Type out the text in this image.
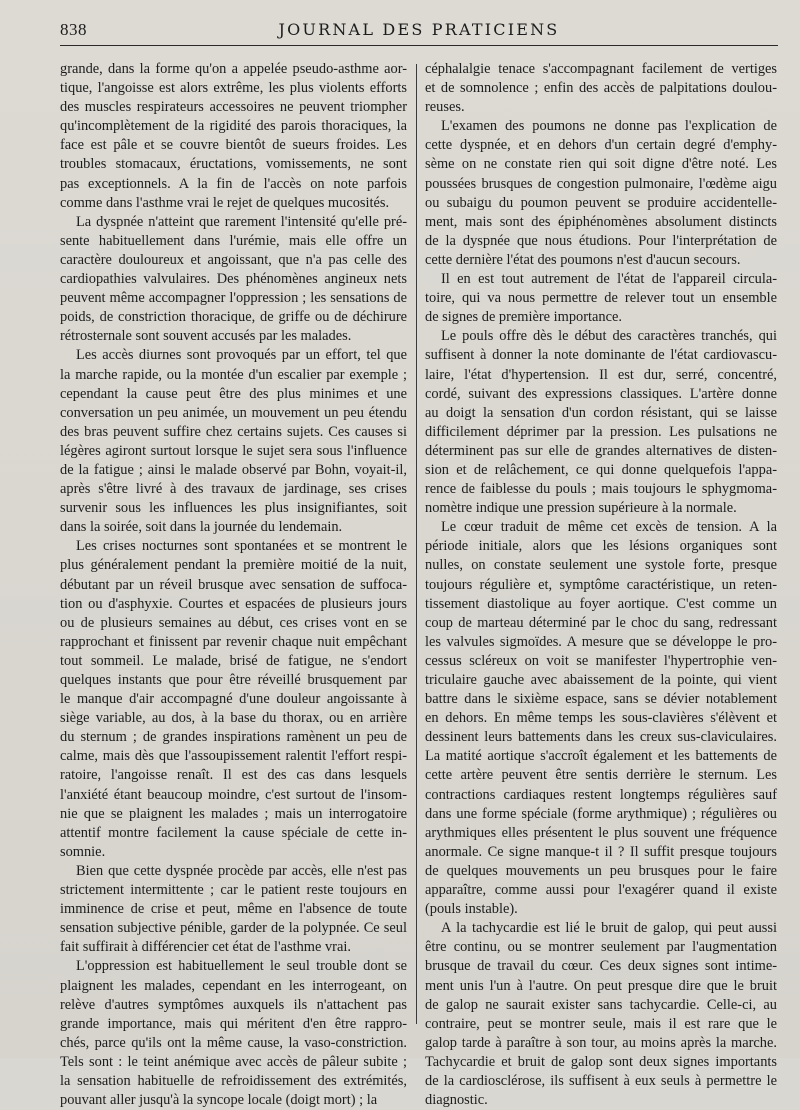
838	JOURNAL DES PRATICIENS

grande, dans la forme qu'on a appelée pseudo-asthme aor-
tique, l'angoisse est alors extrême, les plus violents efforts
des muscles respirateurs accessoires ne peuvent triompher
qu'incomplètement de la rigidité des parois thoraciques, la
face est pâle et se couvre bientôt de sueurs froides. Les
troubles stomacaux, éructations, vomissements, ne sont
pas exceptionnels. A la fin de l'accès on note parfois
comme dans l'asthme vrai le rejet de quelques mucosités.

La dyspnée n'atteint que rarement l'intensité qu'elle pré-
sente habituellement dans l'urémie, mais elle offre un
caractère douloureux et angoissant, que n'a pas celle des
cardiopathies valvulaires. Des phénomènes angineux nets
peuvent même accompagner l'oppression ; les sensations de
poids, de constriction thoracique, de griffe ou de déchirure
rétrosternale sont souvent accusés par les malades.

Les accès diurnes sont provoqués par un effort, tel que
la marche rapide, ou la montée d'un escalier par exemple ;
cependant la cause peut être des plus minimes et une
conversation un peu animée, un mouvement un peu étendu
des bras peuvent suffire chez certains sujets. Ces causes si
légères agiront surtout lorsque le sujet sera sous l'influence
de la fatigue ; ainsi le malade observé par Bohn, voyait-il,
après s'être livré à des travaux de jardinage, ses crises
survenir sous les influences les plus insignifiantes, soit
dans la soirée, soit dans la journée du lendemain.

Les crises nocturnes sont spontanées et se montrent le
plus généralement pendant la première moitié de la nuit,
débutant par un réveil brusque avec sensation de suffoca-
tion ou d'asphyxie. Courtes et espacées de plusieurs jours
ou de plusieurs semaines au début, ces crises vont en se
rapprochant et finissent par revenir chaque nuit empêchant
tout sommeil. Le malade, brisé de fatigue, ne s'endort
quelques instants que pour être réveillé brusquement par
le manque d'air accompagné d'une douleur angoissante à
siège variable, au dos, à la base du thorax, ou en arrière
du sternum ; de grandes inspirations ramènent un peu de
calme, mais dès que l'assoupissement ralentit l'effort respi-
ratoire, l'angoisse renaît. Il est des cas dans lesquels
l'anxiété étant beaucoup moindre, c'est surtout de l'insom-
nie que se plaignent les malades ; mais un interrogatoire
attentif montre facilement la cause spéciale de cette in-
somnie.

Bien que cette dyspnée procède par accès, elle n'est pas
strictement intermittente ; car le patient reste toujours en
imminence de crise et peut, même en l'absence de toute
sensation subjective pénible, garder de la polypnée. Ce seul
fait suffirait à différencier cet état de l'asthme vrai.

L'oppression est habituellement le seul trouble dont se
plaignent les malades, cependant en les interrogeant, on
relève d'autres symptômes auxquels ils n'attachent pas
grande importance, mais qui méritent d'en être rappro-
chés, parce qu'ils ont la même cause, la vaso-constriction.
Tels sont : le teint anémique avec accès de pâleur subite ;
la sensation habituelle de refroidissement des extrémités,
pouvant aller jusqu'à la syncope locale (doigt mort) ; la

céphalalgie tenace s'accompagnant facilement de vertiges
et de somnolence ; enfin des accès de palpitations doulou-
reuses.

L'examen des poumons ne donne pas l'explication de
cette dyspnée, et en dehors d'un certain degré d'emphy-
sème on ne constate rien qui soit digne d'être noté. Les
poussées brusques de congestion pulmonaire, l'œdème aigu
ou subaigu du poumon peuvent se produire accidentelle-
ment, mais sont des épiphénomènes absolument distincts
de la dyspnée que nous étudions. Pour l'interprétation de
cette dernière l'état des poumons n'est d'aucun secours.

Il en est tout autrement de l'état de l'appareil circula-
toire, qui va nous permettre de relever tout un ensemble
de signes de première importance.

Le pouls offre dès le début des caractères tranchés, qui
suffisent à donner la note dominante de l'état cardiovascu-
laire, l'état d'hypertension. Il est dur, serré, concentré,
cordé, suivant des expressions classiques. L'artère donne
au doigt la sensation d'un cordon résistant, qui se laisse
difficilement déprimer par la pression. Les pulsations ne
déterminent pas sur elle de grandes alternatives de disten-
sion et de relâchement, ce qui donne quelquefois l'appa-
rence de faiblesse du pouls ; mais toujours le sphygmoma-
nomètre indique une pression supérieure à la normale.

Le cœur traduit de même cet excès de tension. A la
période initiale, alors que les lésions organiques sont
nulles, on constate seulement une systole forte, presque
toujours régulière et, symptôme caractéristique, un reten-
tissement diastolique au foyer aortique. C'est comme un
coup de marteau déterminé par le choc du sang, redressant
les valvules sigmoïdes. A mesure que se développe le pro-
cessus scléreux on voit se manifester l'hypertrophie ven-
triculaire gauche avec abaissement de la pointe, qui vient
battre dans le sixième espace, sans se dévier notablement
en dehors. En même temps les sous-clavières s'élèvent et
dessinent leurs battements dans les creux sus-claviculaires.
La matité aortique s'accroît également et les battements de
cette artère peuvent être sentis derrière le sternum. Les
contractions cardiaques restent longtemps régulières sauf
dans une forme spéciale (forme arythmique) ; régulières ou
arythmiques elles présentent le plus souvent une fréquence
anormale. Ce signe manque-t il ? Il suffit presque toujours
de quelques mouvements un peu brusques pour le faire
apparaître, comme aussi pour l'exagérer quand il existe
(pouls instable).

A la tachycardie est lié le bruit de galop, qui peut aussi
être continu, ou se montrer seulement par l'augmentation
brusque de travail du cœur. Ces deux signes sont intime-
ment unis l'un à l'autre. On peut presque dire que le bruit
de galop ne saurait exister sans tachycardie. Celle-ci, au
contraire, peut se montrer seule, mais il est rare que le
galop tarde à paraître à son tour, au moins après la marche.
Tachycardie et bruit de galop sont deux signes importants
de la cardiosclérose, ils suffisent à eux seuls à permettre le
diagnostic.
